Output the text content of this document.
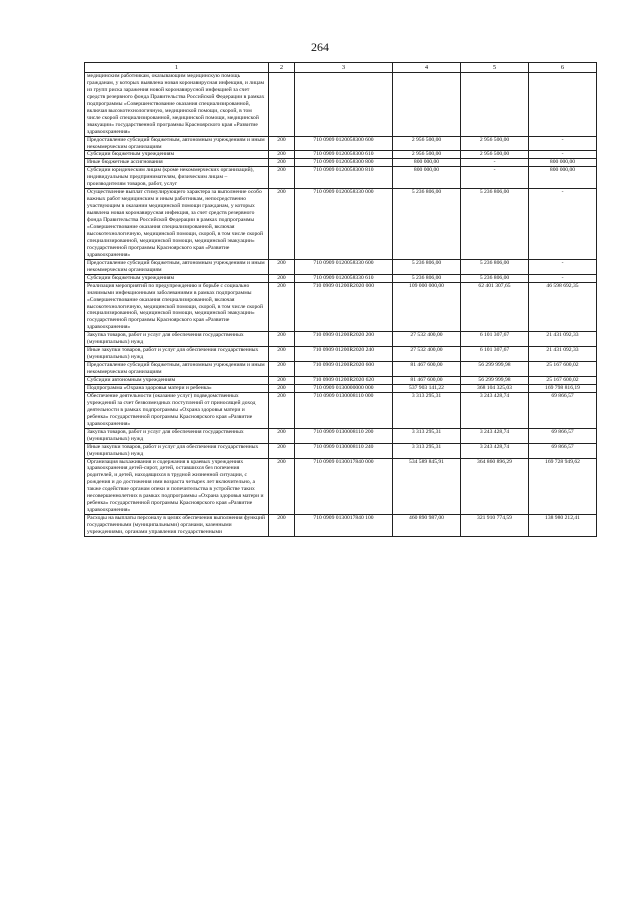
264
1	2	3	4	5	6
медицинским работникам, оказывающим медицинскую помощь гражданам, у которых выявлена новая коронавирусная инфекция, и лицам из групп риска заражения новой коронавирусной инфекцией за счет средств резервного фонда Правительства Российской Федерации в рамках подпрограммы «Совершенствование оказания специализированной, включая высокотехнологичную, медицинской помощи, скорой, в том числе скорой специализированной, медицинской помощи, медицинской эвакуации» государственной программы Красноярского края «Развитие здравоохранения»					
Предоставление субсидий бюджетным, автономным учреждениям и иным некоммерческим организациям	200	710 0909 0120058300 600	2 956 500,00	2 956 500,00	-
Субсидии бюджетным учреждениям	200	710 0909 0120058300 610	2 956 500,00	2 956 500,00	-
Иные бюджетные ассигнования	200	710 0909 0120058300 800	800 000,00	-	800 000,00
Субсидии юридическим лицам (кроме некоммерческих организаций), индивидуальным предпринимателям, физическим лицам – производителям товаров, работ, услуг	200	710 0909 0120058300 810	800 000,00	-	800 000,00
Осуществление выплат стимулирующего характера за выполнение особо важных работ медицинским и иным работникам, непосредственно участвующим в оказании медицинской помощи гражданам, у которых выявлена новая коронавирусная инфекция, за счет средств резервного фонда Правительства Российской Федерации в рамках подпрограммы «Совершенствование оказания специализированной, включая высокотехнологичную, медицинской помощи, скорой, в том числе скорой специализированной, медицинской помощи, медицинской эвакуации» государственной программы Красноярского края «Развитие здравоохранения»	200	710 0909 0120058330 000	5 236 806,00	5 236 806,00	-
Предоставление субсидий бюджетным, автономным учреждениям и иным некоммерческим организациям	200	710 0909 0120058330 600	5 236 806,00	5 236 806,00	-
Субсидии бюджетным учреждениям	200	710 0909 0120058330 610	5 236 806,00	5 236 806,00	-
Реализация мероприятий по предупреждению и борьбе с социально значимыми инфекционными заболеваниями в рамках подпрограммы «Совершенствование оказания специализированной, включая высокотехнологичную, медицинской помощи, скорой, в том числе скорой специализированной, медицинской помощи, медицинской эвакуации» государственной программы Красноярского края «Развитие здравоохранения»	200	710 0909 01200R2020 000	109 000 000,00	62 401 307,65	46 598 692,35
Закупка товаров, работ и услуг для обеспечения государственных (муниципальных) нужд	200	710 0909 01200R2020 200	27 532 400,00	6 101 307,67	21 431 092,33
Иные закупки товаров, работ и услуг для обеспечения государственных (муниципальных) нужд	200	710 0909 01200R2020 240	27 532 400,00	6 101 307,67	21 431 092,33
Предоставление субсидий бюджетным, автономным учреждениям и иным некоммерческим организациям	200	710 0909 01200R2020 600	81 467 600,00	56 299 999,98	25 167 600,02
Субсидии автономным учреждениям	200	710 0909 01200R2020 620	81 467 600,00	56 299 999,98	25 167 600,02
Подпрограмма «Охрана здоровья матери и ребенка»	200	710 0909 0130000000 000	537 903 141,22	368 104 325,03	169 798 816,19
Обеспечение деятельности (оказание услуг) подведомственных учреждений за счет безвозмездных поступлений от приносящей доход деятельности в рамках подпрограммы «Охрана здоровья матери и ребенка» государственной программы Красноярского края «Развитие здравоохранения»	200	710 0909 0130008110 000	3 313 295,31	3 243 428,74	69 866,57
Закупка товаров, работ и услуг для обеспечения государственных (муниципальных) нужд	200	710 0909 0130008110 200	3 313 295,31	3 243 428,74	69 866,57
Иные закупки товаров, работ и услуг для обеспечения государственных (муниципальных) нужд	200	710 0909 0130008110 240	3 313 295,31	3 243 428,74	69 866,57
Организация выхаживания и содержания в краевых учреждениях здравоохранения детей-сирот, детей, оставшихся без попечения родителей, и детей, находящихся в трудной жизненной ситуации, с рождения и до достижения ими возраста четырех лет включительно, а также содействие органам опеки и попечительства в устройстве таких несовершеннолетних в рамках подпрограммы «Охрана здоровья матери и ребенка» государственной программы Красноярского края «Развитие здравоохранения»	200	710 0909 0130017840 000	534 589 845,91	364 860 896,29	169 728 949,62
Расходы на выплаты персоналу в целях обеспечения выполнения функций государственными (муниципальными) органами, казенными учреждениями, органами управления государственными	200	710 0909 0130017840 100	460 890 987,00	321 910 774,59	138 980 212,41
